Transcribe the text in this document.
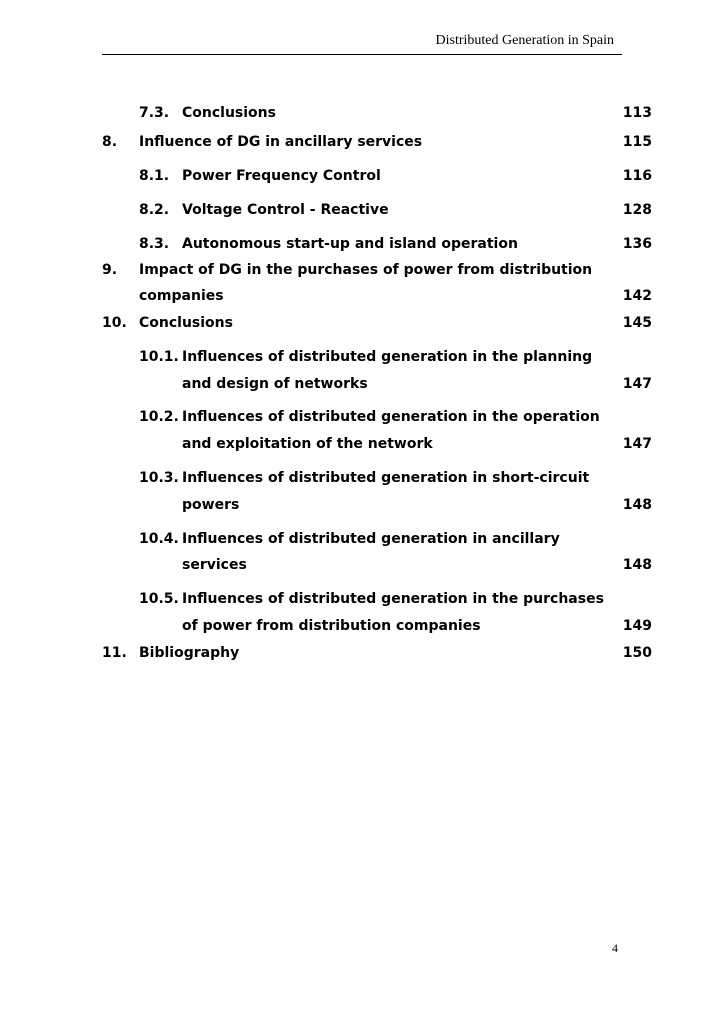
Distributed Generation in Spain
7.3. Conclusions	113
8. Influence of DG in ancillary services	115
8.1. Power Frequency Control	116
8.2. Voltage Control - Reactive	128
8.3. Autonomous start-up and island operation	136
9. Impact of DG in the purchases of power from distribution
companies	142
10. Conclusions	145
10.1. Influences of distributed generation in the planning
and design of networks	147
10.2. Influences of distributed generation in the operation
and exploitation of the network	147
10.3. Influences of distributed generation in short-circuit
powers	148
10.4. Influences of distributed generation in ancillary
services	148
10.5. Influences of distributed generation in the purchases
of power from distribution companies	149
11. Bibliography	150
4
